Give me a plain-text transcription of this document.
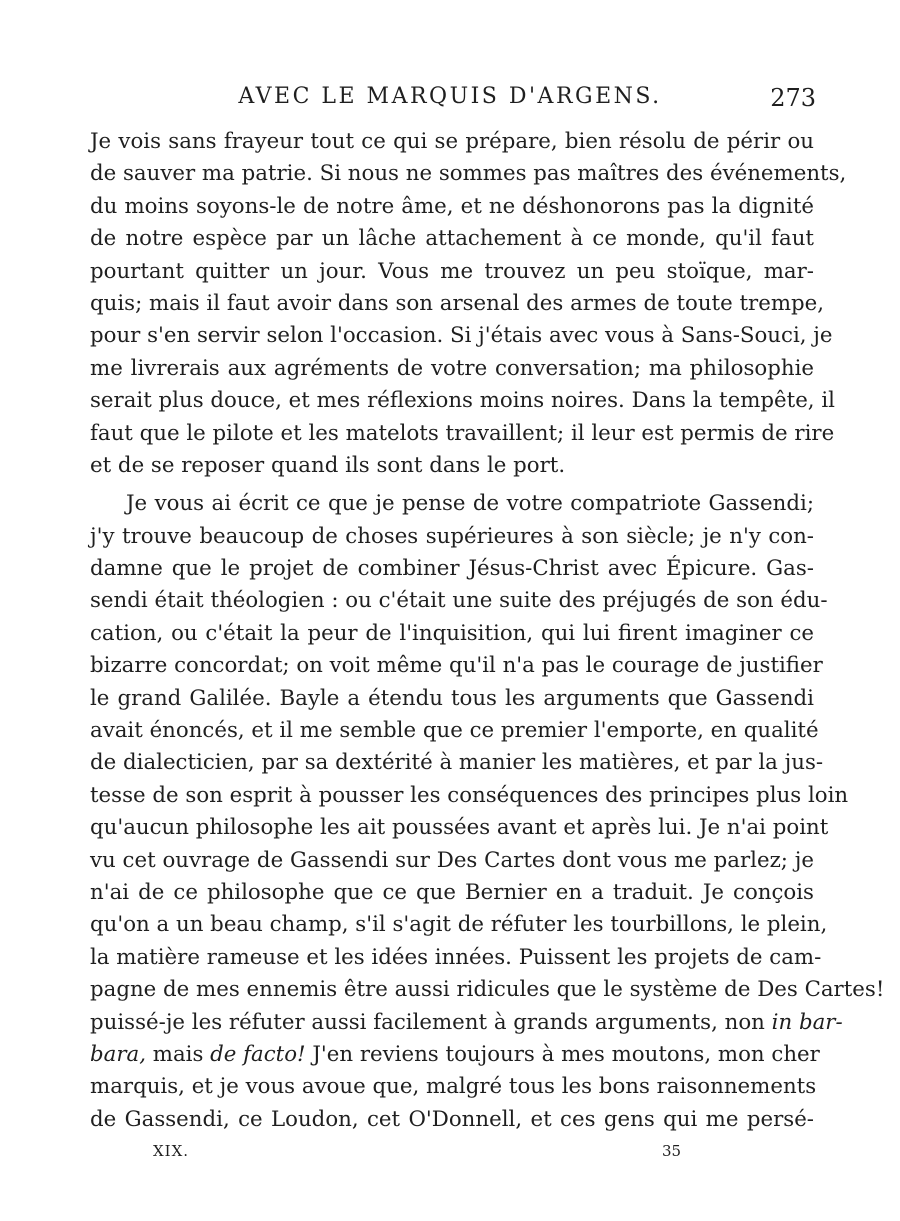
AVEC LE MARQUIS D'ARGENS.	273
Je vois sans frayeur tout ce qui se prépare, bien résolu de périr ou
de sauver ma patrie. Si nous ne sommes pas maîtres des événements,
du moins soyons-le de notre âme, et ne déshonorons pas la dignité
de notre espèce par un lâche attachement à ce monde, qu'il faut
pourtant quitter un jour. Vous me trouvez un peu stoïque, mar-
quis; mais il faut avoir dans son arsenal des armes de toute trempe,
pour s'en servir selon l'occasion. Si j'étais avec vous à Sans-Souci, je
me livrerais aux agréments de votre conversation; ma philosophie
serait plus douce, et mes réflexions moins noires. Dans la tempête, il
faut que le pilote et les matelots travaillent; il leur est permis de rire
et de se reposer quand ils sont dans le port.
Je vous ai écrit ce que je pense de votre compatriote Gassendi;
j'y trouve beaucoup de choses supérieures à son siècle; je n'y con-
damne que le projet de combiner Jésus-Christ avec Épicure. Gas-
sendi était théologien : ou c'était une suite des préjugés de son édu-
cation, ou c'était la peur de l'inquisition, qui lui firent imaginer ce
bizarre concordat; on voit même qu'il n'a pas le courage de justifier
le grand Galilée. Bayle a étendu tous les arguments que Gassendi
avait énoncés, et il me semble que ce premier l'emporte, en qualité
de dialecticien, par sa dextérité à manier les matières, et par la jus-
tesse de son esprit à pousser les conséquences des principes plus loin
qu'aucun philosophe les ait poussées avant et après lui. Je n'ai point
vu cet ouvrage de Gassendi sur Des Cartes dont vous me parlez; je
n'ai de ce philosophe que ce que Bernier en a traduit. Je conçois
qu'on a un beau champ, s'il s'agit de réfuter les tourbillons, le plein,
la matière rameuse et les idées innées. Puissent les projets de cam-
pagne de mes ennemis être aussi ridicules que le système de Des Cartes!
puissé-je les réfuter aussi facilement à grands arguments, non in bar-
bara, mais de facto! J'en reviens toujours à mes moutons, mon cher
marquis, et je vous avoue que, malgré tous les bons raisonnements
de Gassendi, ce Loudon, cet O'Donnell, et ces gens qui me persé-
XIX.	35
